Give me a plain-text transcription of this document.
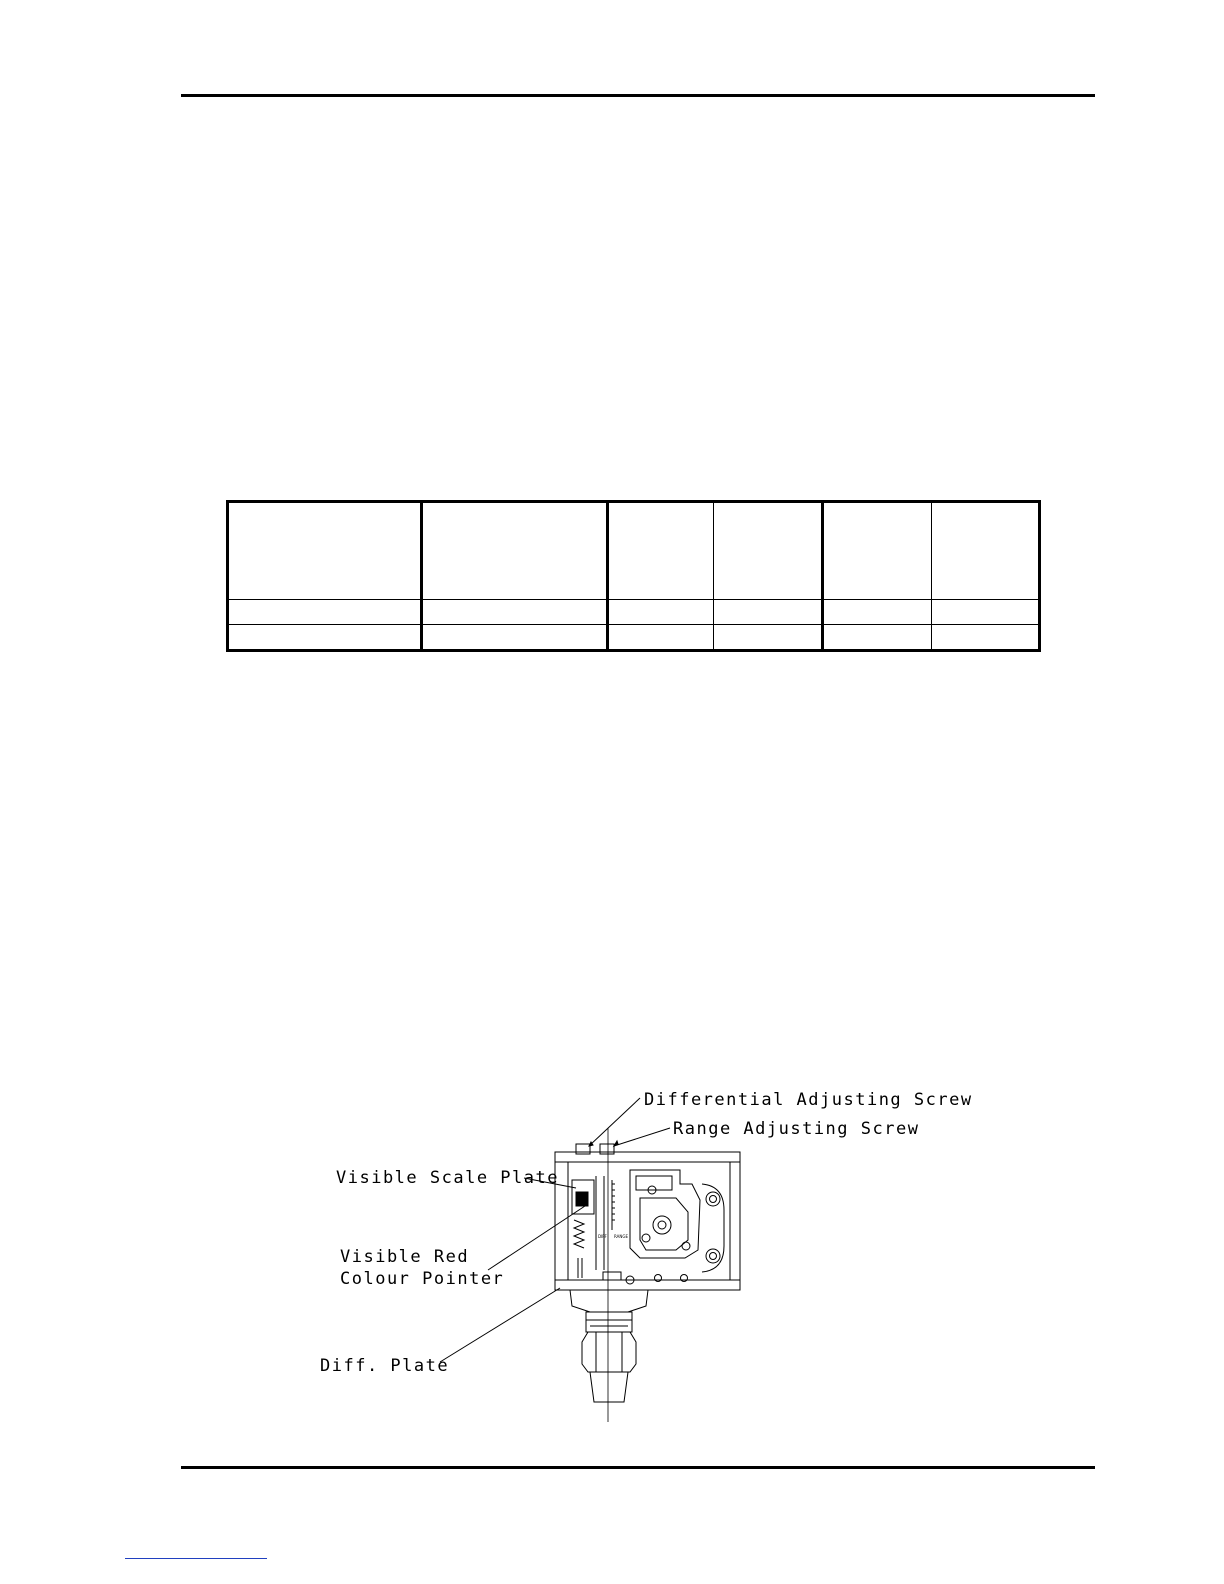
DIFF RANGE
Differential Adjusting Screw
Range Adjusting Screw
Visible Scale Plate
Visible Red
Colour Pointer
Diff. Plate
